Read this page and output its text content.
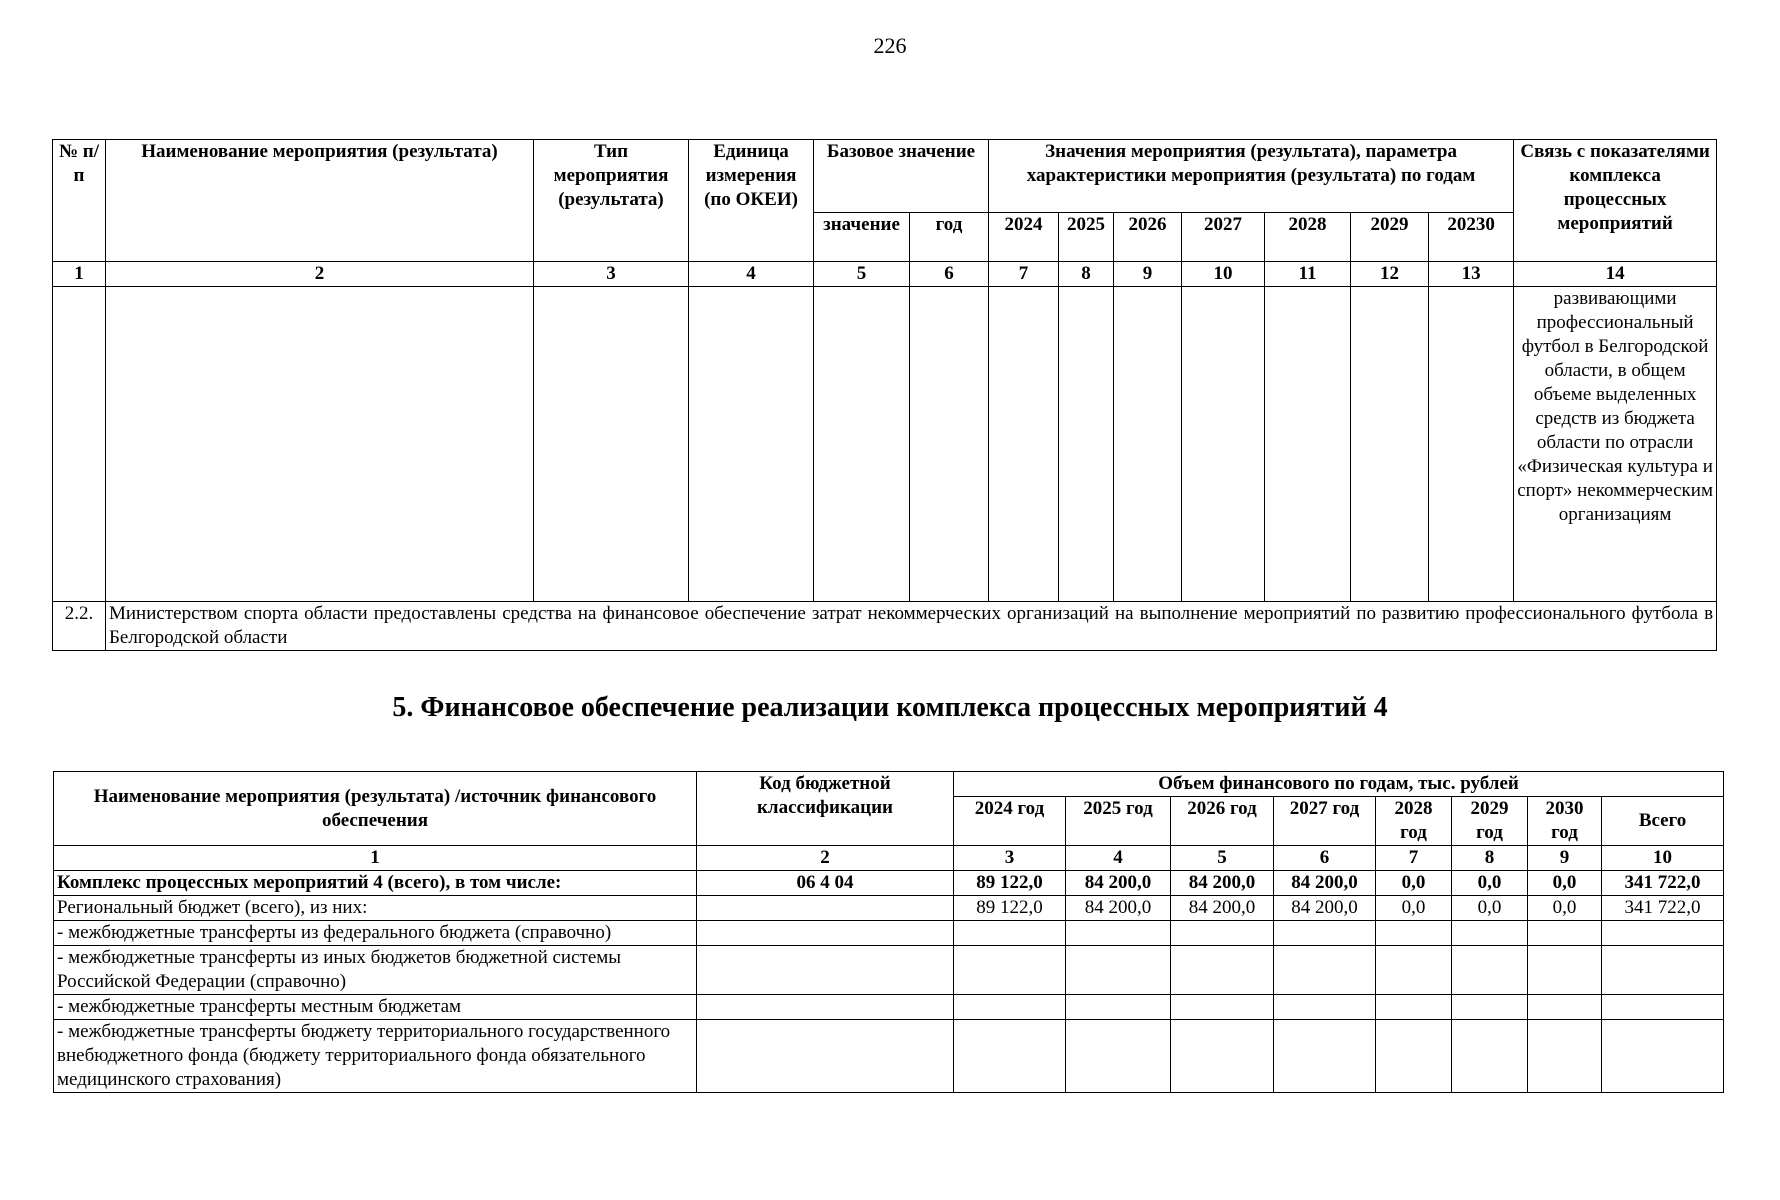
226
№ п/п	Наименование мероприятия (результата)	Тип мероприятия (результата)	Единица измерения (по ОКЕИ)	Базовое значение		Значения мероприятия (результата), параметра характеристики мероприятия (результата) по годам							Связь с показателями комплекса процессных мероприятий
				значение	год	2024	2025	2026	2027	2028	2029	20230	
1	2	3	4	5	6	7	8	9	10	11	12	13	14
													развивающими профессиональный футбол в Белгородской области, в общем объеме выделенных средств из бюджета области по отрасли «Физическая культура и спорт» некоммерческим организациям
2.2.	Министерством спорта области предоставлены средства на финансовое обеспечение затрат некоммерческих организаций на выполнение мероприятий по развитию профессионального футбола в Белгородской области												
5. Финансовое обеспечение реализации комплекса процессных мероприятий 4
Наименование мероприятия (результата) /источник финансового обеспечения	Код бюджетной классификации	Объем финансового по годам, тыс. рублей							
		2024 год	2025 год	2026 год	2027 год	2028 год	2029 год	2030 год	Всего
1	2	3	4	5	6	7	8	9	10
Комплекс процессных мероприятий 4 (всего), в том числе:	06 4 04	89 122,0	84 200,0	84 200,0	84 200,0	0,0	0,0	0,0	341 722,0
Региональный бюджет (всего), из них:		89 122,0	84 200,0	84 200,0	84 200,0	0,0	0,0	0,0	341 722,0
- межбюджетные трансферты из федерального бюджета (справочно)									
- межбюджетные трансферты из иных бюджетов бюджетной системы Российской Федерации (справочно)									
- межбюджетные трансферты местным бюджетам									
- межбюджетные трансферты бюджету территориального государственного внебюджетного фонда (бюджету территориального фонда обязательного медицинского страхования)									
